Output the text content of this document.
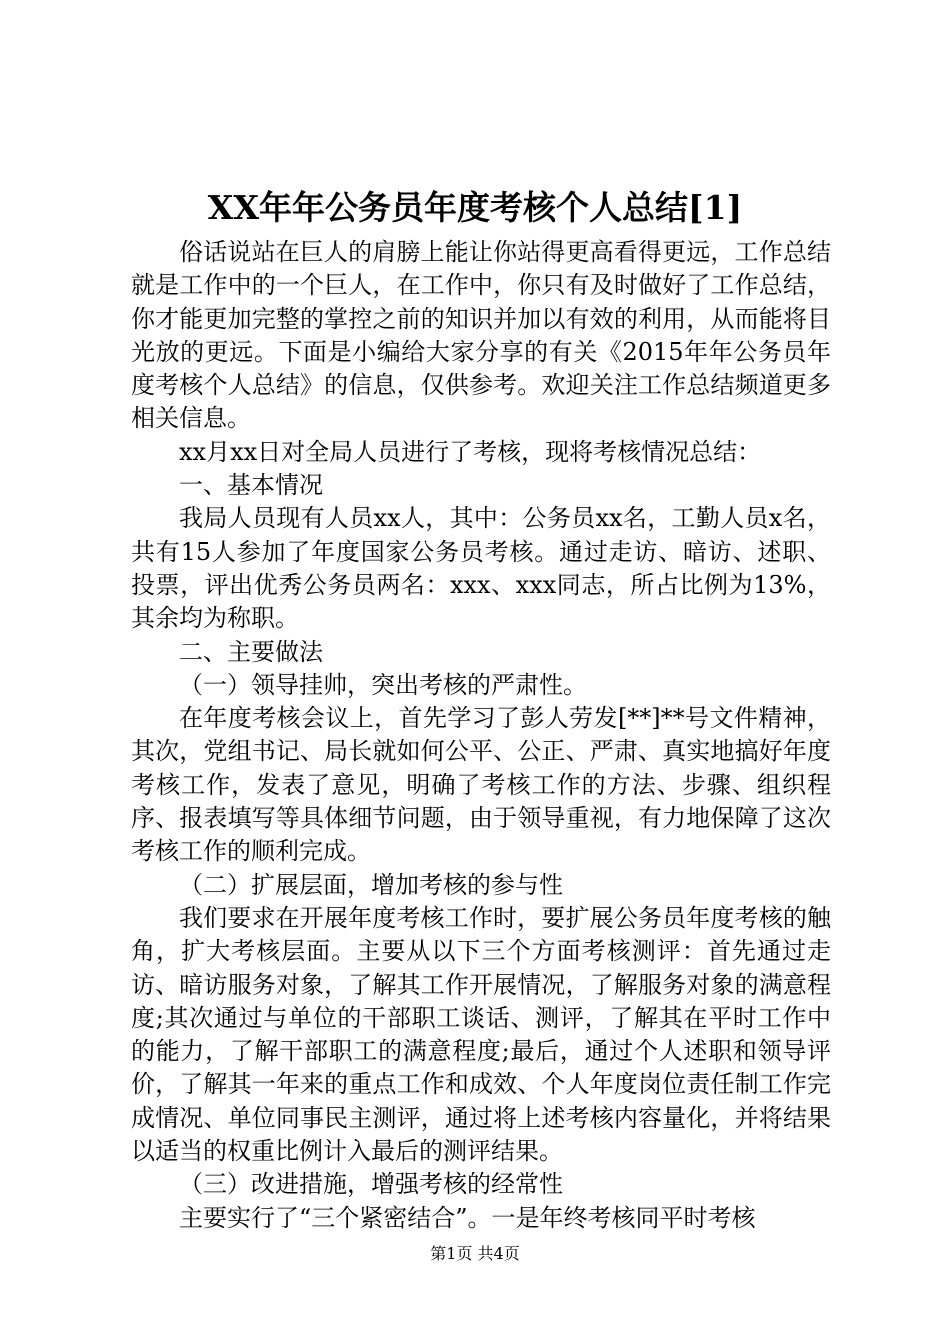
XX年年公务员年度考核个人总结[1]

俗话说站在巨人的肩膀上能让你站得更高看得更远，工作总结就是工作中的一个巨人，在工作中，你只有及时做好了工作总结，你才能更加完整的掌控之前的知识并加以有效的利用，从而能将目光放的更远。下面是小编给大家分享的有关《2015年年公务员年度考核个人总结》的信息，仅供参考。欢迎关注工作总结频道更多相关信息。

xx月xx日对全局人员进行了考核，现将考核情况总结：

一、基本情况

我局人员现有人员xx人，其中：公务员xx名，工勤人员x名，共有15人参加了年度国家公务员考核。通过走访、暗访、述职、投票，评出优秀公务员两名：xxx、xxx同志，所占比例为13%，其余均为称职。

二、主要做法

（一）领导挂帅，突出考核的严肃性。

在年度考核会议上，首先学习了彭人劳发[**]**号文件精神，其次，党组书记、局长就如何公平、公正、严肃、真实地搞好年度考核工作，发表了意见，明确了考核工作的方法、步骤、组织程序、报表填写等具体细节问题，由于领导重视，有力地保障了这次考核工作的顺利完成。

（二）扩展层面，增加考核的参与性

我们要求在开展年度考核工作时，要扩展公务员年度考核的触角，扩大考核层面。主要从以下三个方面考核测评：首先通过走访、暗访服务对象，了解其工作开展情况，了解服务对象的满意程度;其次通过与单位的干部职工谈话、测评，了解其在平时工作中的能力，了解干部职工的满意程度;最后，通过个人述职和领导评价，了解其一年来的重点工作和成效、个人年度岗位责任制工作完成情况、单位同事民主测评，通过将上述考核内容量化，并将结果以适当的权重比例计入最后的测评结果。

（三）改进措施，增强考核的经常性

主要实行了“三个紧密结合”。一是年终考核同平时考核

第1页 共4页
